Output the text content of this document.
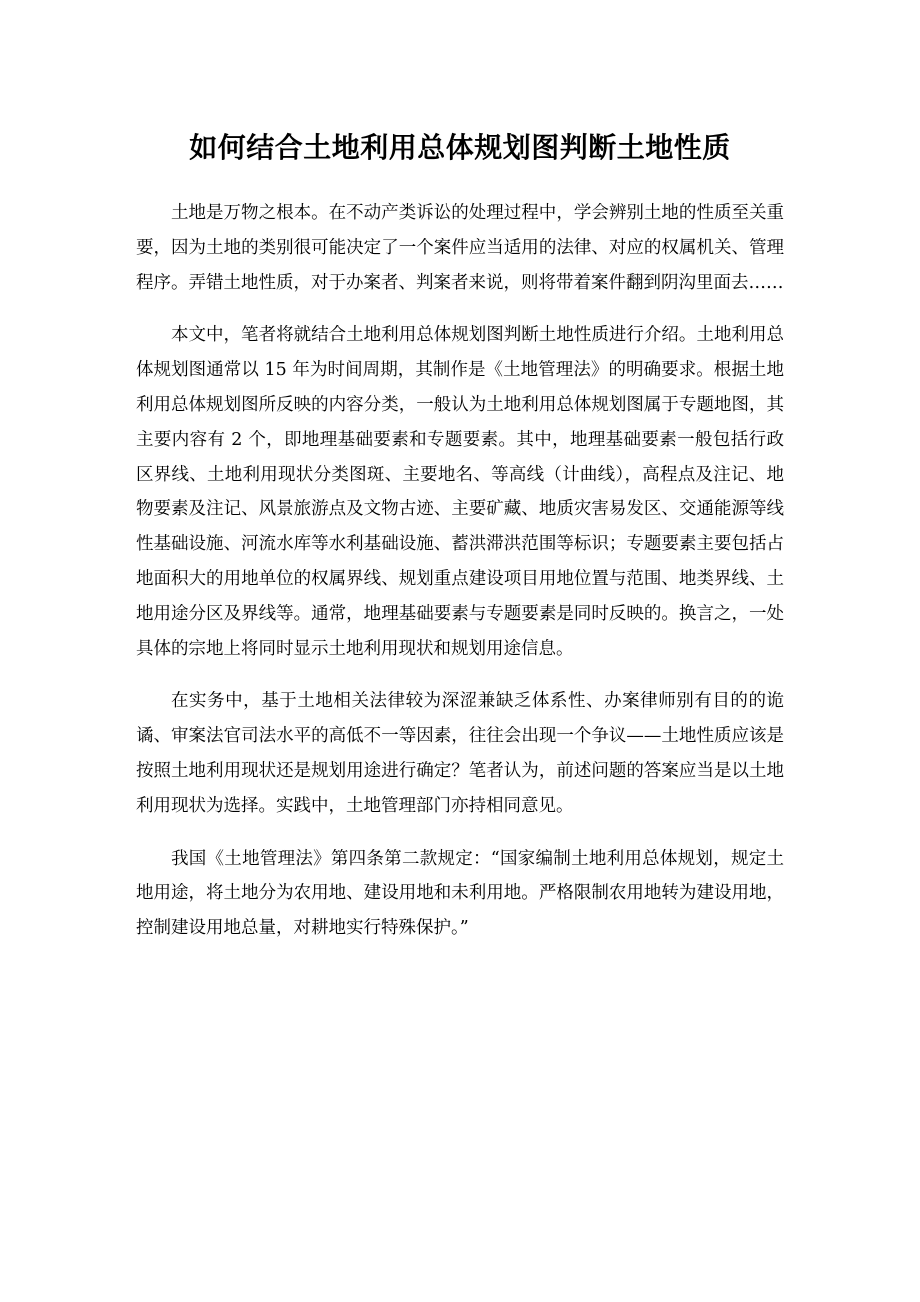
如何结合土地利用总体规划图判断土地性质

土地是万物之根本。在不动产类诉讼的处理过程中，学会辨别土地的性质至关重要，因为土地的类别很可能决定了一个案件应当适用的法律、对应的权属机关、管理程序。弄错土地性质，对于办案者、判案者来说，则将带着案件翻到阴沟里面去……

本文中，笔者将就结合土地利用总体规划图判断土地性质进行介绍。土地利用总体规划图通常以 15 年为时间周期，其制作是《土地管理法》的明确要求。根据土地利用总体规划图所反映的内容分类，一般认为土地利用总体规划图属于专题地图，其主要内容有 2 个，即地理基础要素和专题要素。其中，地理基础要素一般包括行政区界线、土地利用现状分类图斑、主要地名、等高线（计曲线），高程点及注记、地物要素及注记、风景旅游点及文物古迹、主要矿藏、地质灾害易发区、交通能源等线性基础设施、河流水库等水利基础设施、蓄洪滞洪范围等标识；专题要素主要包括占地面积大的用地单位的权属界线、规划重点建设项目用地位置与范围、地类界线、土地用途分区及界线等。通常，地理基础要素与专题要素是同时反映的。换言之，一处具体的宗地上将同时显示土地利用现状和规划用途信息。

在实务中，基于土地相关法律较为深涩兼缺乏体系性、办案律师别有目的的诡谲、审案法官司法水平的高低不一等因素，往往会出现一个争议——土地性质应该是按照土地利用现状还是规划用途进行确定？笔者认为，前述问题的答案应当是以土地利用现状为选择。实践中，土地管理部门亦持相同意见。

我国《土地管理法》第四条第二款规定：“国家编制土地利用总体规划，规定土地用途，将土地分为农用地、建设用地和未利用地。严格限制农用地转为建设用地，控制建设用地总量，对耕地实行特殊保护。”
